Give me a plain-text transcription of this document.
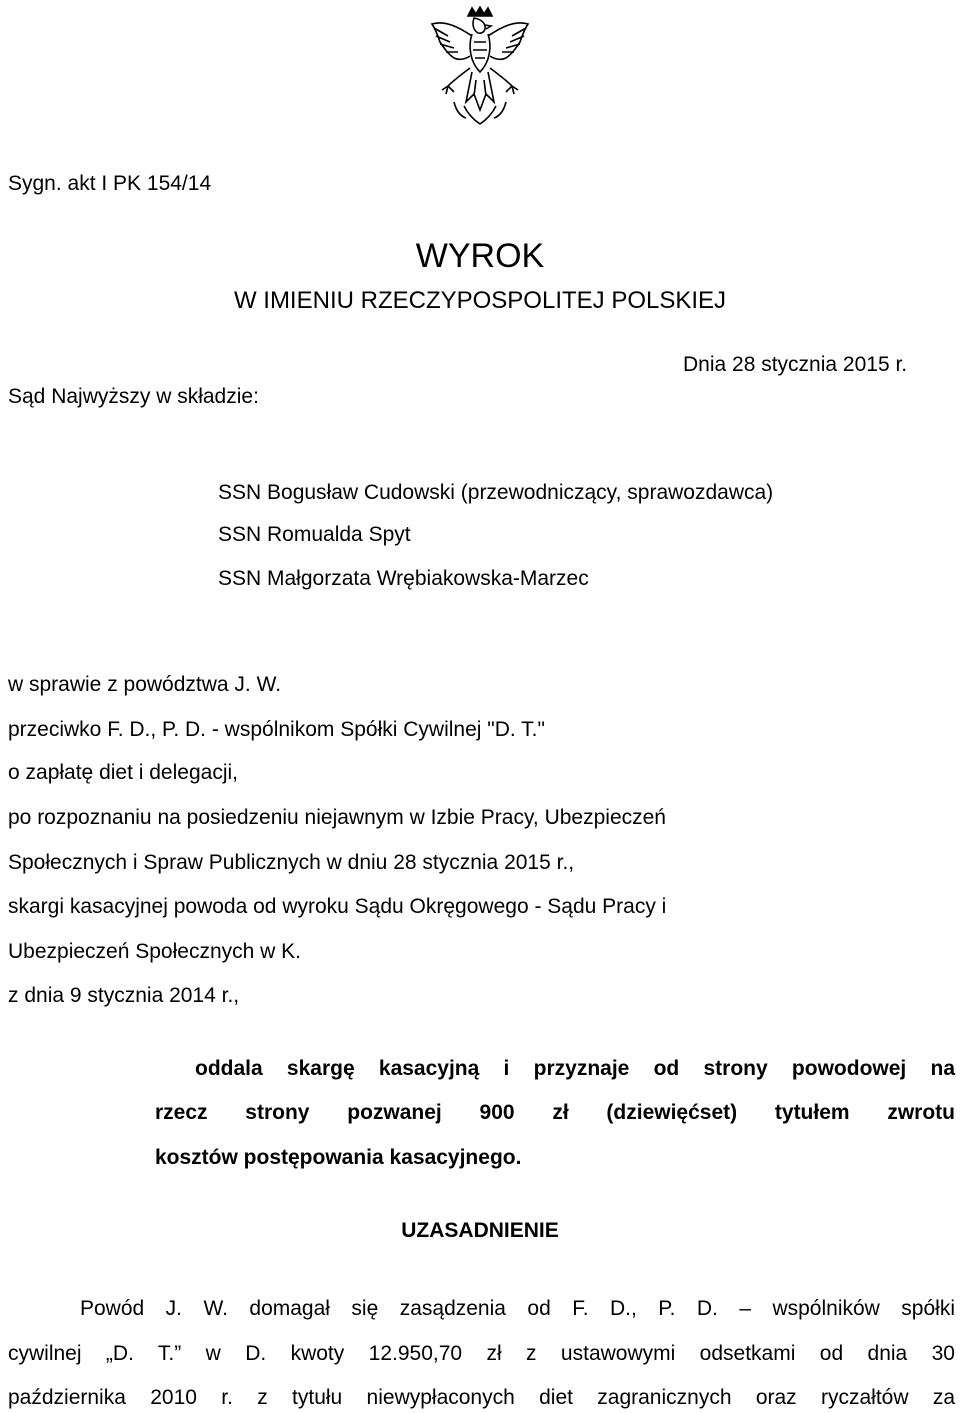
Sygn. akt I PK 154/14
WYROK
W IMIENIU RZECZYPOSPOLITEJ POLSKIEJ
Dnia 28 stycznia 2015 r.
Sąd Najwyższy w składzie:
SSN Bogusław Cudowski (przewodniczący, sprawozdawca)
SSN Romualda Spyt
SSN Małgorzata Wrębiakowska-Marzec
w sprawie z powództwa J. W.
przeciwko F. D., P. D. - wspólnikom Spółki Cywilnej "D. T."
o zapłatę diet i delegacji,
po rozpoznaniu na posiedzeniu niejawnym w Izbie Pracy, Ubezpieczeń
Społecznych i Spraw Publicznych w dniu 28 stycznia 2015 r.,
skargi kasacyjnej powoda od wyroku Sądu Okręgowego - Sądu Pracy i
Ubezpieczeń Społecznych w K.
z dnia 9 stycznia 2014 r.,
oddala skargę kasacyjną i przyznaje od strony powodowej na
rzecz strony pozwanej 900 zł (dziewięćset) tytułem zwrotu
kosztów postępowania kasacyjnego.
UZASADNIENIE
Powód J. W. domagał się zasądzenia od F. D., P. D. – wspólników spółki
cywilnej „D. T.” w D. kwoty 12.950,70 zł z ustawowymi odsetkami od dnia 30
października 2010 r. z tytułu niewypłaconych diet zagranicznych oraz ryczałtów za
